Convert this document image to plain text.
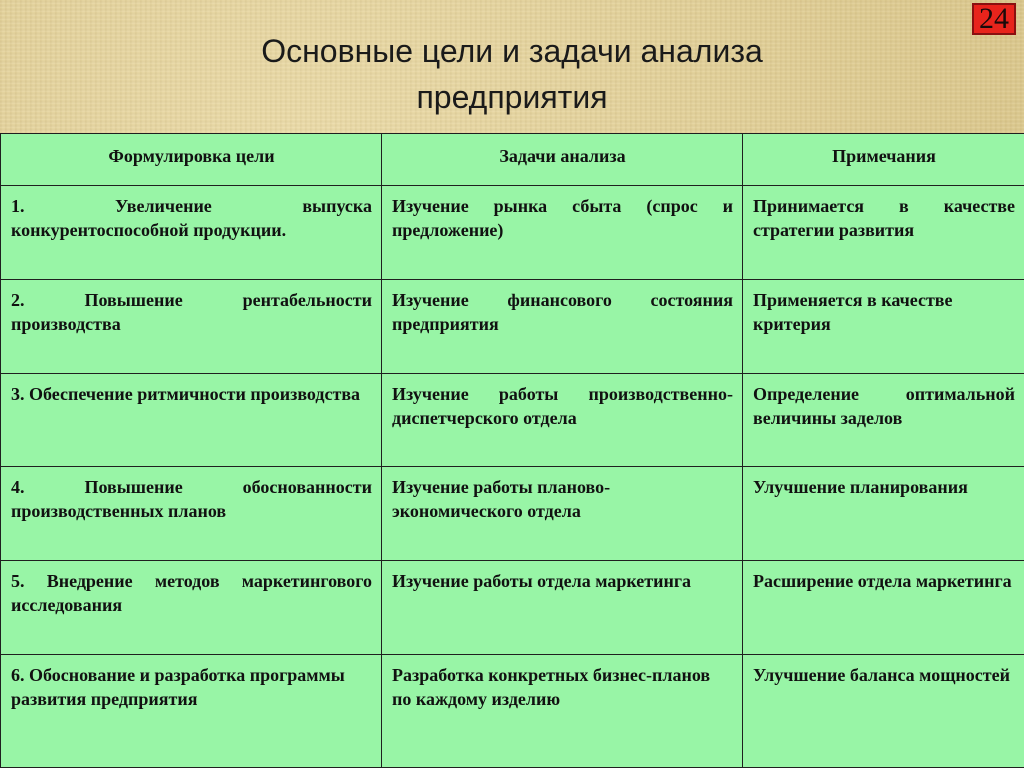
24
Основные цели и задачи анализа
предприятия
Формулировка цели	Задачи анализа	Примечания
1. Увеличение выпуска конкурентоспособной продукции.	Изучение рынка сбыта (спрос и предложение)	Принимается в качестве стратегии развития
2. Повышение рентабельности производства	Изучение финансового состояния предприятия	Применяется в качестве критерия
3. Обеспечение ритмичности производства	Изучение работы производственно-диспетчерского отдела	Определение оптимальной величины заделов
4. Повышение обоснованности производственных планов	Изучение работы планово-экономического отдела	Улучшение планирования
5. Внедрение методов маркетингового исследования	Изучение работы отдела маркетинга	Расширение отдела маркетинга
6. Обоснование и разработка программы развития предприятия	Разработка конкретных бизнес-планов по каждому изделию	Улучшение баланса мощностей
